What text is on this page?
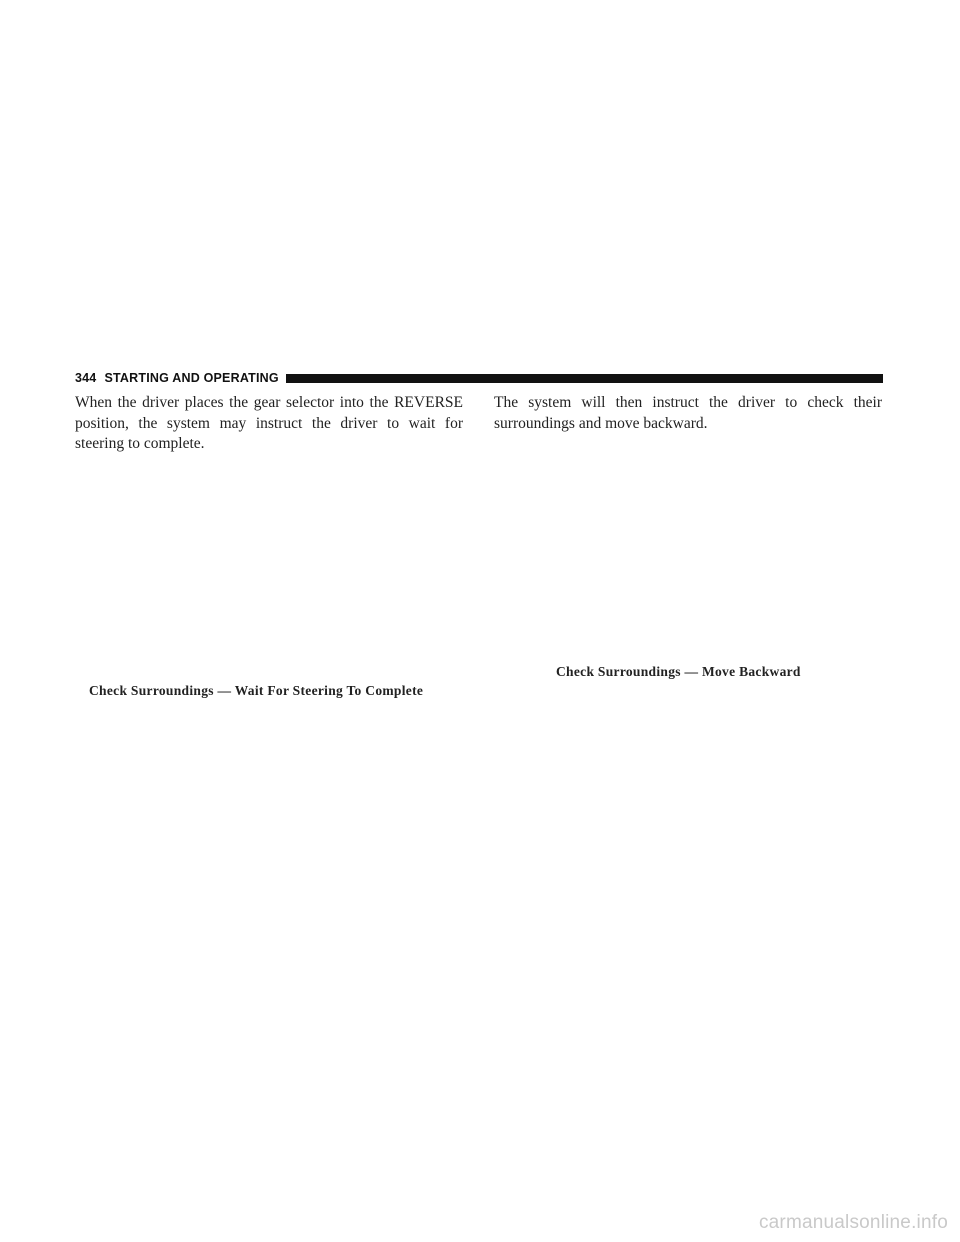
344 STARTING AND OPERATING
When the driver places the gear selector into the REVERSE position, the system may instruct the driver to wait for steering to complete.
The system will then instruct the driver to check their surroundings and move backward.
Check Surroundings — Wait For Steering To Complete
Check Surroundings — Move Backward
carmanualsonline.info
